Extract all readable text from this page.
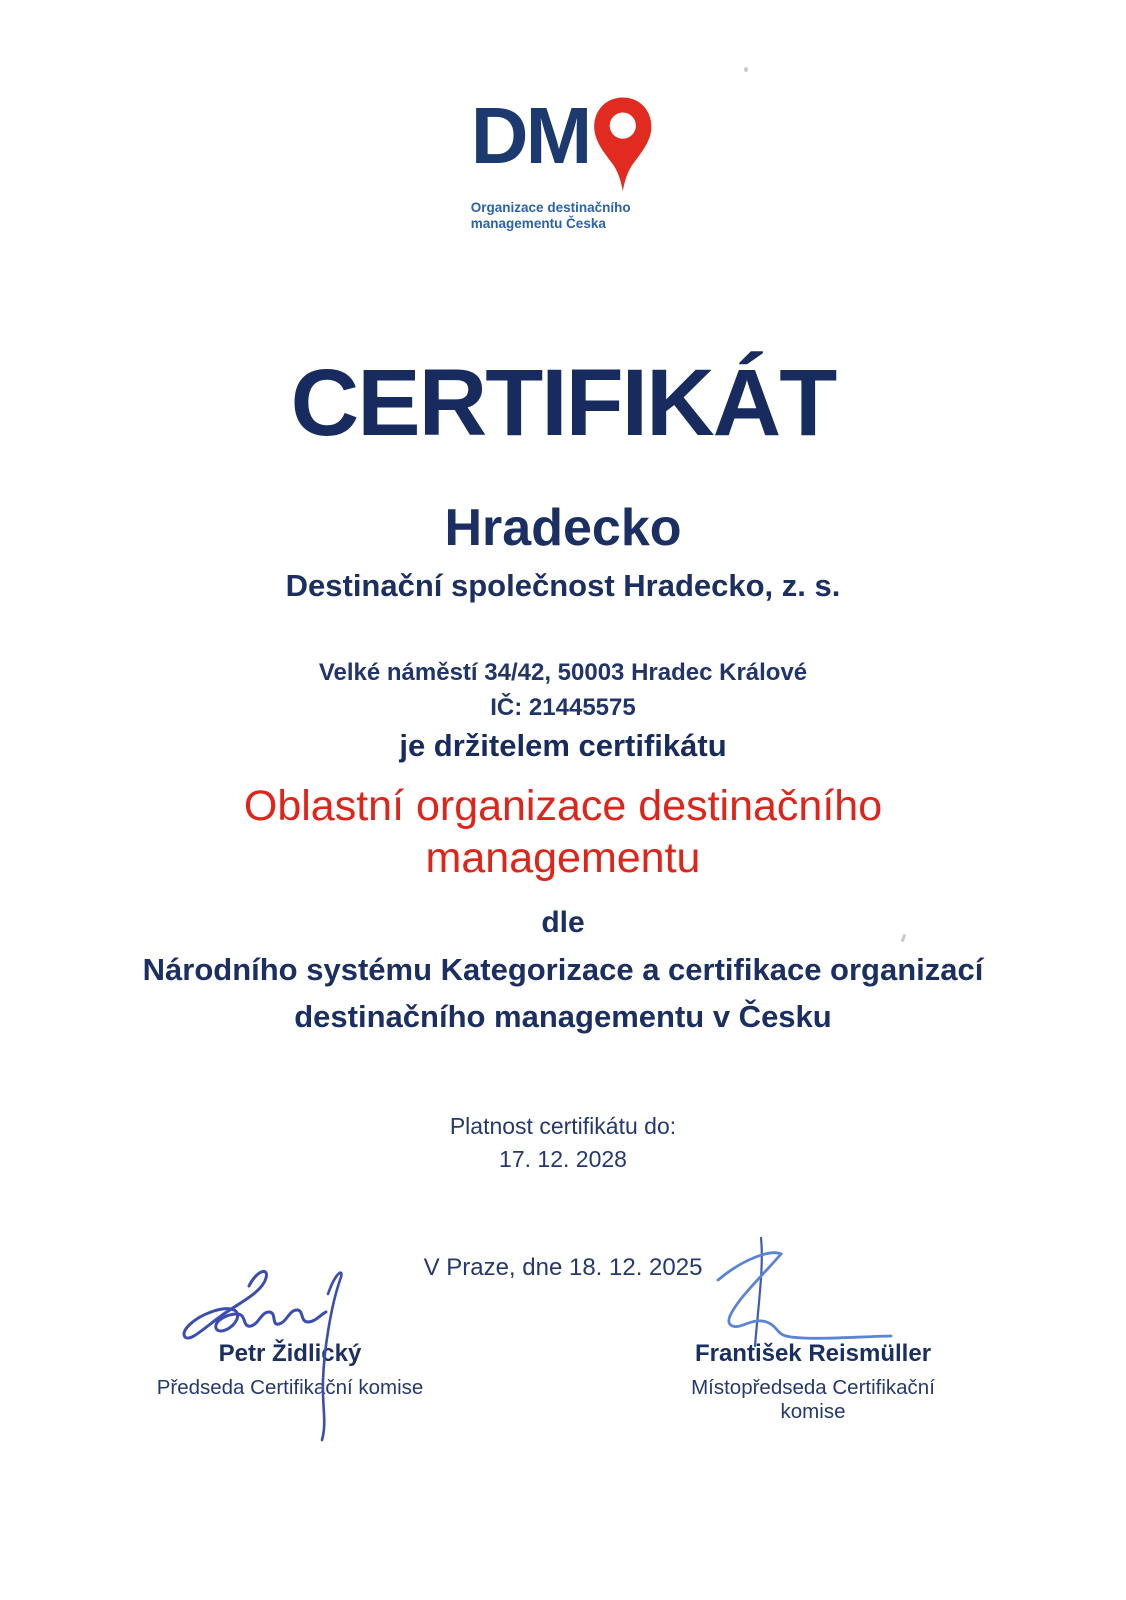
DM
Organizace destinačního
managementu Česka
CERTIFIKÁT
Hradecko
Destinační společnost Hradecko, z. s.
Velké náměstí 34/42, 50003 Hradec Králové
IČ: 21445575
je držitelem certifikátu
Oblastní organizace destinačního
managementu
dle
Národního systému Kategorizace a certifikace organizací
destinačního managementu v Česku
Platnost certifikátu do:
17. 12. 2028
V Praze, dne 18. 12. 2025
Petr Židlický
Předseda Certifikační komise
František Reismüller
Místopředseda Certifikační komise
